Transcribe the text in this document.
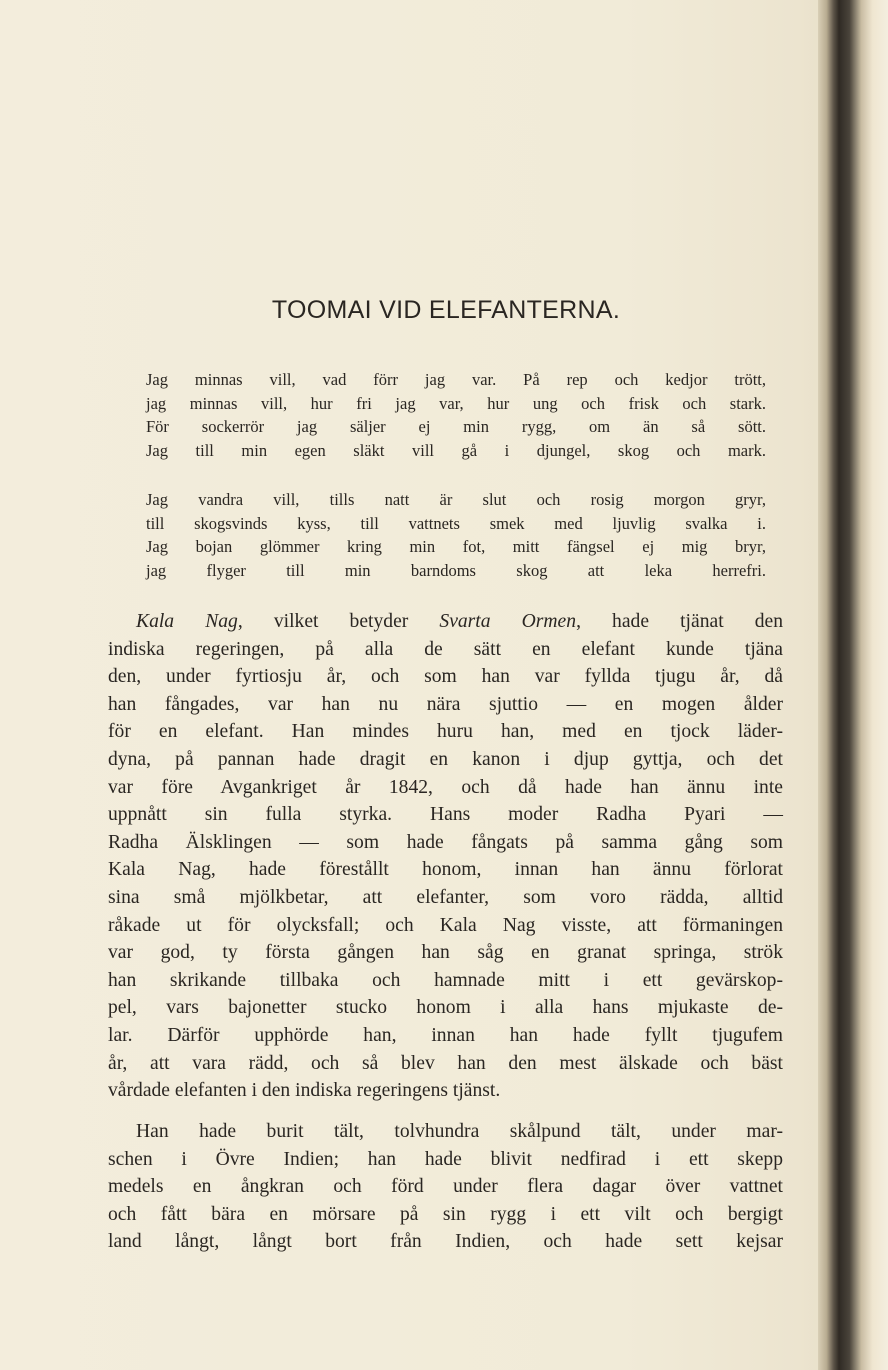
TOOMAI VID ELEFANTERNA.
Jag minnas vill, vad förr jag var. På rep och kedjor trött,
jag minnas vill, hur fri jag var, hur ung och frisk och stark.
För sockerrör jag säljer ej min rygg, om än så sött.
Jag till min egen släkt vill gå i djungel, skog och mark.
Jag vandra vill, tills natt är slut och rosig morgon gryr,
till skogsvinds kyss, till vattnets smek med ljuvlig svalka i.
Jag bojan glömmer kring min fot, mitt fängsel ej mig bryr,
jag flyger till min barndoms skog att leka herrefri.
Kala Nag, vilket betyder Svarta Ormen, hade tjänat den
indiska regeringen, på alla de sätt en elefant kunde tjäna
den, under fyrtiosju år, och som han var fyllda tjugu år, då
han fångades, var han nu nära sjuttio — en mogen ålder
för en elefant. Han mindes huru han, med en tjock läder-
dyna, på pannan hade dragit en kanon i djup gyttja, och det
var före Avgankriget år 1842, och då hade han ännu inte
uppnått sin fulla styrka. Hans moder Radha Pyari —
Radha Älsklingen — som hade fångats på samma gång som
Kala Nag, hade förestållt honom, innan han ännu förlorat
sina små mjölkbetar, att elefanter, som voro rädda, alltid
råkade ut för olycksfall; och Kala Nag visste, att förmaningen
var god, ty första gången han såg en granat springa, strök
han skrikande tillbaka och hamnade mitt i ett gevärskop-
pel, vars bajonetter stucko honom i alla hans mjukaste de-
lar. Därför upphörde han, innan han hade fyllt tjugufem
år, att vara rädd, och så blev han den mest älskade och bäst
vårdade elefanten i den indiska regeringens tjänst.
Han hade burit tält, tolvhundra skålpund tält, under mar-
schen i Övre Indien; han hade blivit nedfirad i ett skepp
medels en ångkran och förd under flera dagar över vattnet
och fått bära en mörsare på sin rygg i ett vilt och bergigt
land långt, långt bort från Indien, och hade sett kejsar
